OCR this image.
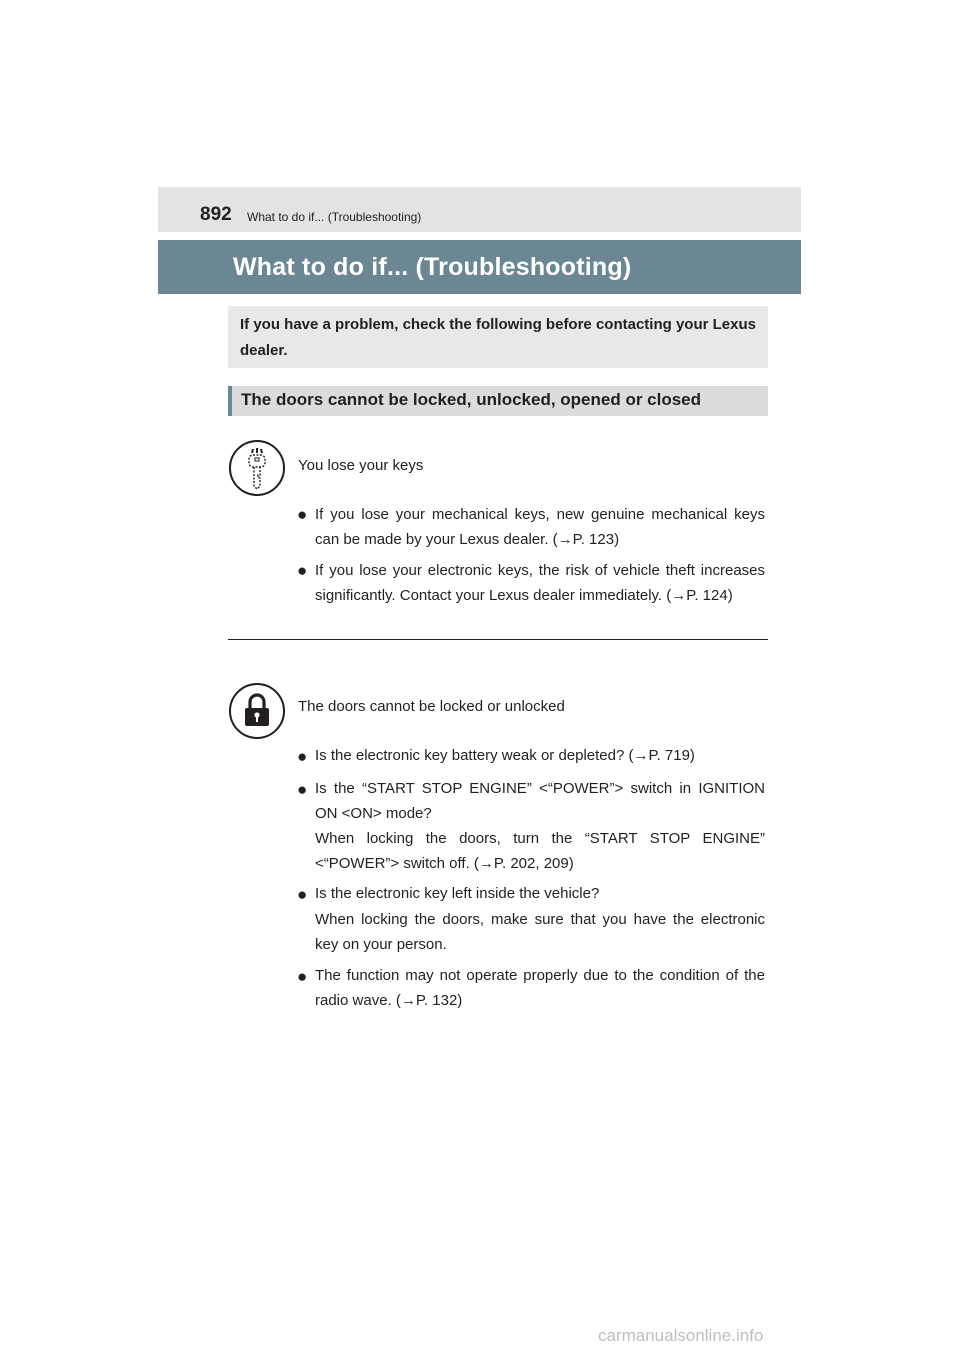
892 What to do if... (Troubleshooting)
What to do if... (Troubleshooting)
If you have a problem, check the following before contacting your Lexus dealer.
The doors cannot be locked, unlocked, opened or closed
You lose your keys
● If you lose your mechanical keys, new genuine mechanical keys can be made by your Lexus dealer. (→P. 123)
● If you lose your electronic keys, the risk of vehicle theft increases significantly. Contact your Lexus dealer immediately. (→P. 124)
The doors cannot be locked or unlocked
● Is the electronic key battery weak or depleted? (→P. 719)
● Is the “START STOP ENGINE” <“POWER”> switch in IGNITION ON <ON> mode?
When locking the doors, turn the “START STOP ENGINE” <“POWER”> switch off. (→P. 202, 209)
● Is the electronic key left inside the vehicle?
When locking the doors, make sure that you have the electronic key on your person.
● The function may not operate properly due to the condition of the radio wave. (→P. 132)
carmanualsonline.info
